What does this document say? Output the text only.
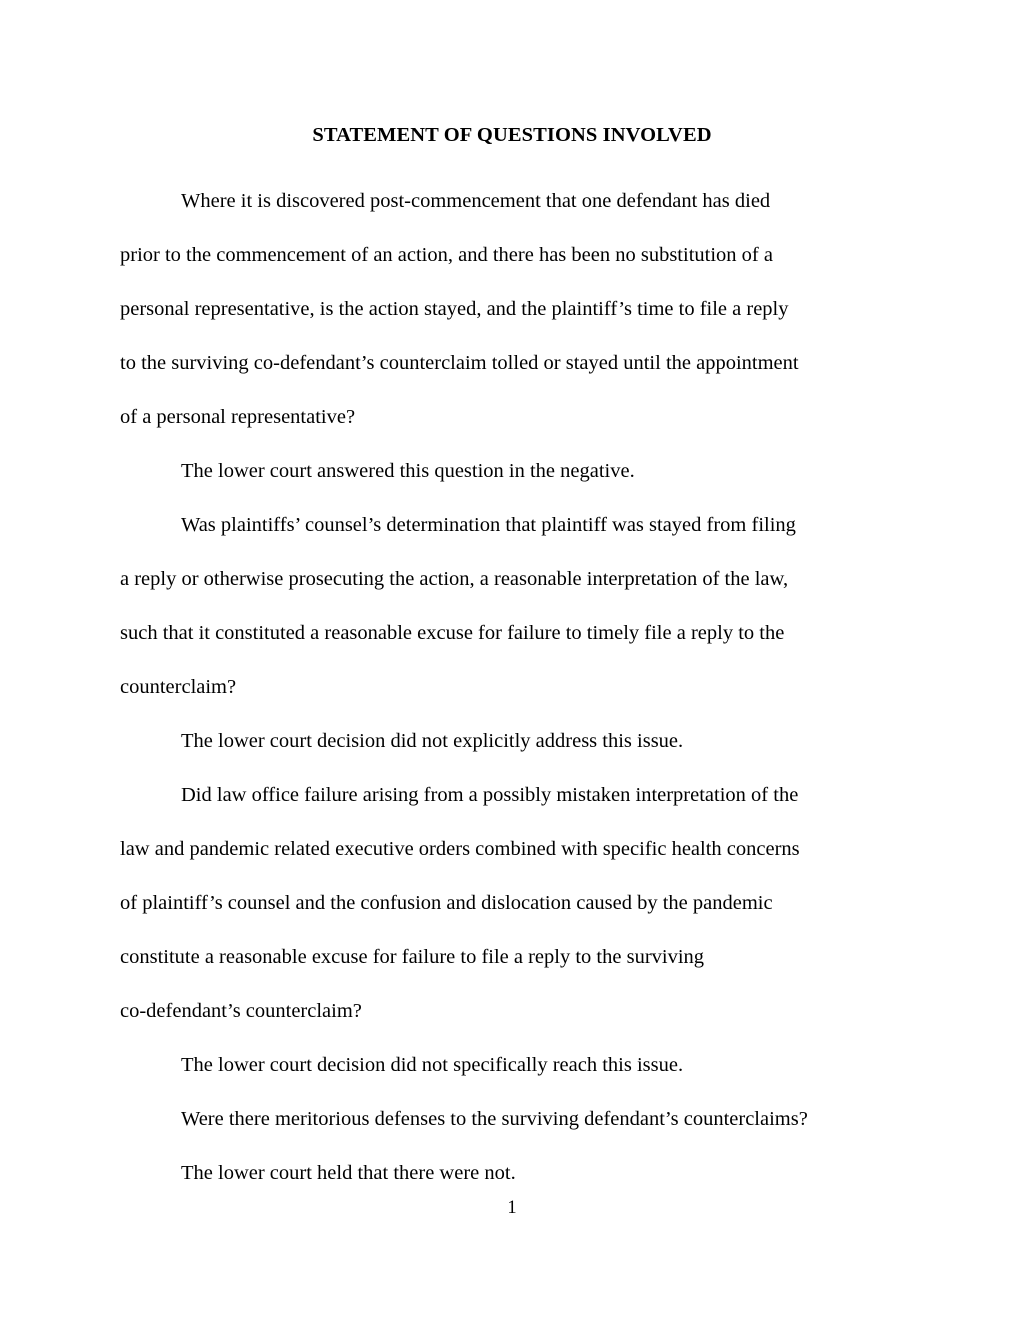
STATEMENT OF QUESTIONS INVOLVED

Where it is discovered post-commencement that one defendant has died
prior to the commencement of an action, and there has been no substitution of a
personal representative, is the action stayed, and the plaintiff’s time to file a reply
to the surviving co-defendant’s counterclaim tolled or stayed until the appointment
of a personal representative?

The lower court answered this question in the negative.

Was plaintiffs’ counsel’s determination that plaintiff was stayed from filing
a reply or otherwise prosecuting the action, a reasonable interpretation of the law,
such that it constituted a reasonable excuse for failure to timely file a reply to the
counterclaim?

The lower court decision did not explicitly address this issue.

Did law office failure arising from a possibly mistaken interpretation of the
law and pandemic related executive orders combined with specific health concerns
of plaintiff’s counsel and the confusion and dislocation caused by the pandemic
constitute a reasonable excuse for failure to file a reply to the surviving
co-defendant’s counterclaim?

The lower court decision did not specifically reach this issue.

Were there meritorious defenses to the surviving defendant’s counterclaims?

The lower court held that there were not.

1
